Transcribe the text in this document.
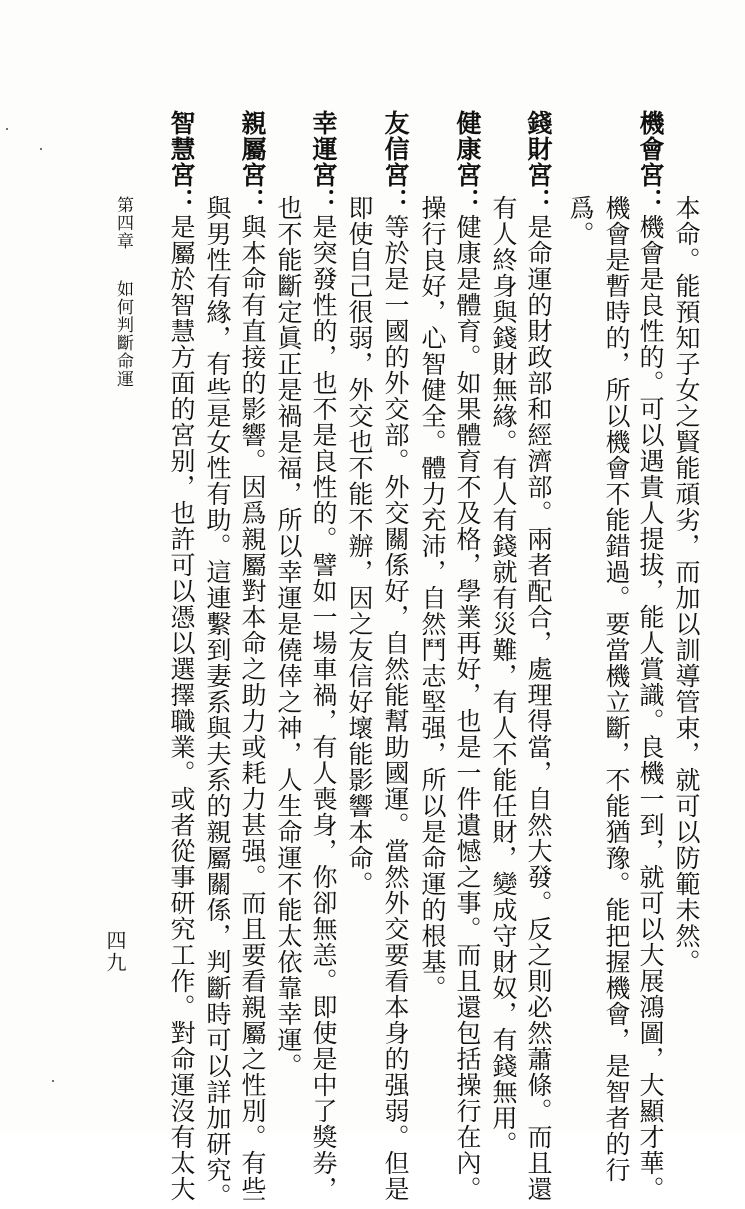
本命。能預知子女之賢能頑劣，而加以訓導管束，就可以防範未然。
機會宮：機會是良性的。可以遇貴人提拔，能人賞識。良機一到，就可以大展鴻圖，大顯才華。
機會是暫時的，所以機會不能錯過。要當機立斷，不能猶豫。能把握機會，是智者的行
爲。
錢財宮：是命運的財政部和經濟部。兩者配合，處理得當，自然大發。反之則必然蕭條。而且還
有人終身與錢財無緣。有人有錢就有災難，有人不能任財，變成守財奴，有錢無用。
健康宮：健康是體育。如果體育不及格，學業再好，也是一件遺憾之事。而且還包括操行在內。
操行良好，心智健全。體力充沛，自然鬥志堅强，所以是命運的根基。
友信宮：等於是一國的外交部。外交關係好，自然能幫助國運。當然外交要看本身的强弱。但是
即使自己很弱，外交也不能不辦，因之友信好壞能影響本命。
幸運宮：是突發性的，也不是良性的。譬如一場車禍，有人喪身，你卻無恙。即使是中了獎券，
也不能斷定眞正是禍是福，所以幸運是僥倖之神，人生命運不能太依靠幸運。
親屬宮：與本命有直接的影響。因爲親屬對本命之助力或耗力甚强。而且要看親屬之性別。有些
與男性有緣，有些是女性有助。這連繫到妻系與夫系的親屬關係，判斷時可以詳加研究。
智慧宮：是屬於智慧方面的宮别，也許可以憑以選擇職業。或者從事研究工作。對命運沒有太大
第四章如何判斷命運
四九
